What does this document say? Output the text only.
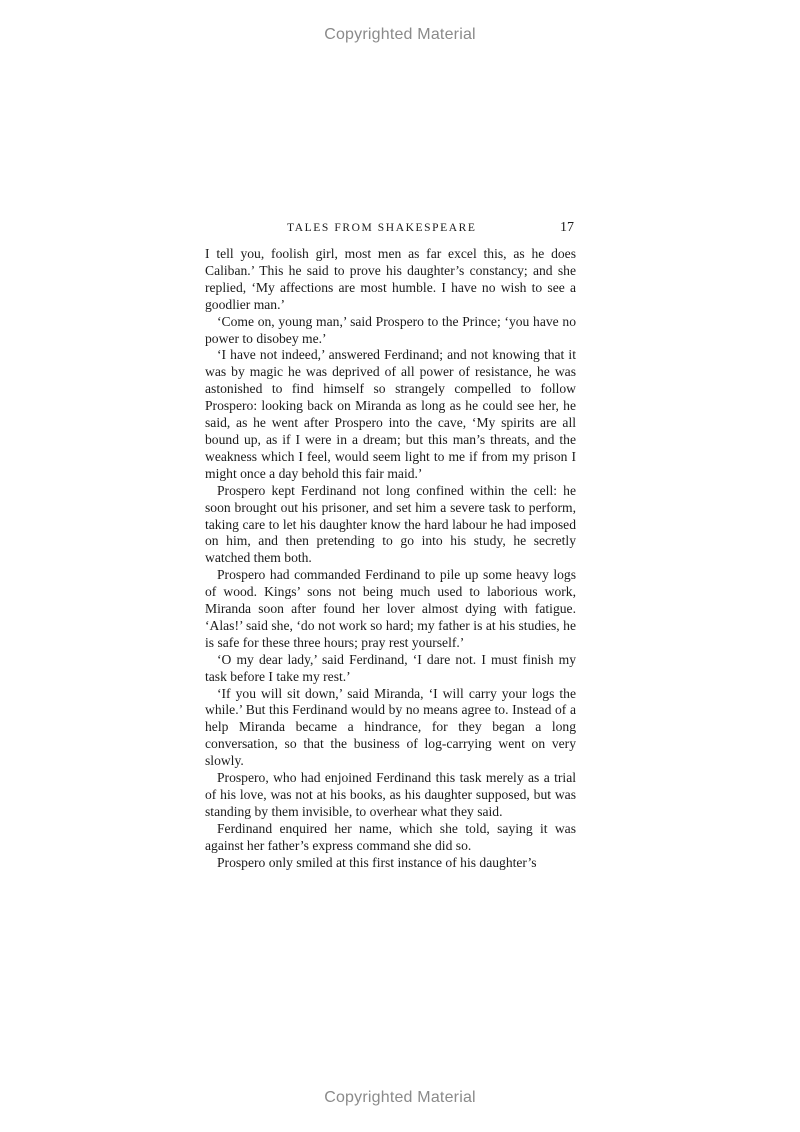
Copyrighted Material
TALES FROM SHAKESPEARE	17

I tell you, foolish girl, most men as far excel this, as he does Caliban.’ This he said to prove his daughter’s constancy; and she replied, ‘My affections are most humble. I have no wish to see a goodlier man.’

‘Come on, young man,’ said Prospero to the Prince; ‘you have no power to disobey me.’

‘I have not indeed,’ answered Ferdinand; and not knowing that it was by magic he was deprived of all power of resistance, he was astonished to find himself so strangely compelled to follow Prospero: looking back on Miranda as long as he could see her, he said, as he went after Prospero into the cave, ‘My spirits are all bound up, as if I were in a dream; but this man’s threats, and the weakness which I feel, would seem light to me if from my prison I might once a day behold this fair maid.’

Prospero kept Ferdinand not long confined within the cell: he soon brought out his prisoner, and set him a severe task to perform, taking care to let his daughter know the hard labour he had imposed on him, and then pretending to go into his study, he secretly watched them both.

Prospero had commanded Ferdinand to pile up some heavy logs of wood. Kings’ sons not being much used to laborious work, Miranda soon after found her lover almost dying with fatigue. ‘Alas!’ said she, ‘do not work so hard; my father is at his studies, he is safe for these three hours; pray rest yourself.’

‘O my dear lady,’ said Ferdinand, ‘I dare not. I must finish my task before I take my rest.’

‘If you will sit down,’ said Miranda, ‘I will carry your logs the while.’ But this Ferdinand would by no means agree to. Instead of a help Miranda became a hindrance, for they began a long conversation, so that the business of log-carrying went on very slowly.

Prospero, who had enjoined Ferdinand this task merely as a trial of his love, was not at his books, as his daughter supposed, but was standing by them invisible, to overhear what they said.

Ferdinand enquired her name, which she told, saying it was against her father’s express command she did so.

Prospero only smiled at this first instance of his daughter’s

Copyrighted Material
